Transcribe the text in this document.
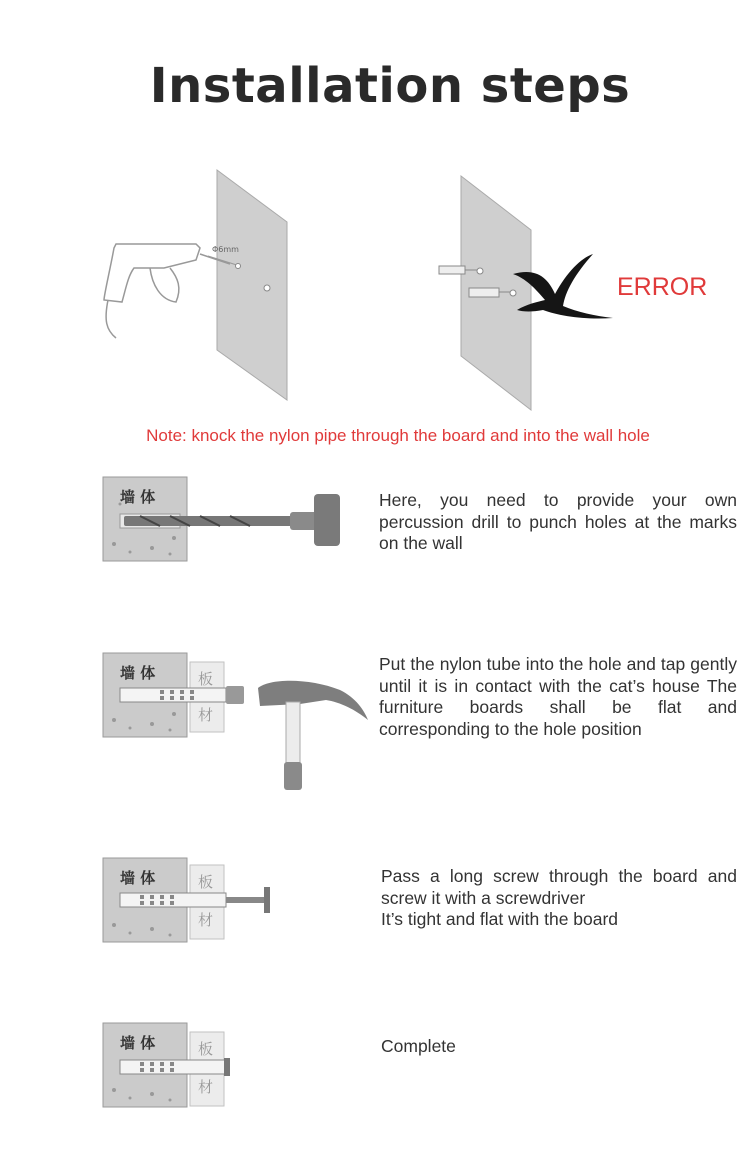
Installation steps
Φ6mm
ERROR
Note: knock the nylon pipe through the board and into the wall hole
墙 体	Here, you need to provide your own percussion drill to punch holes at the marks on the wall
墙 体	板
材
Put the nylon tube into the hole and tap gently until it is in contact with the cat’s house The furniture boards shall be flat and corresponding to the hole position
墙 体	板
材
Pass a long screw through the board and screw it with a screwdriver
It’s tight and flat with the board
墙 体	板
材
Complete
